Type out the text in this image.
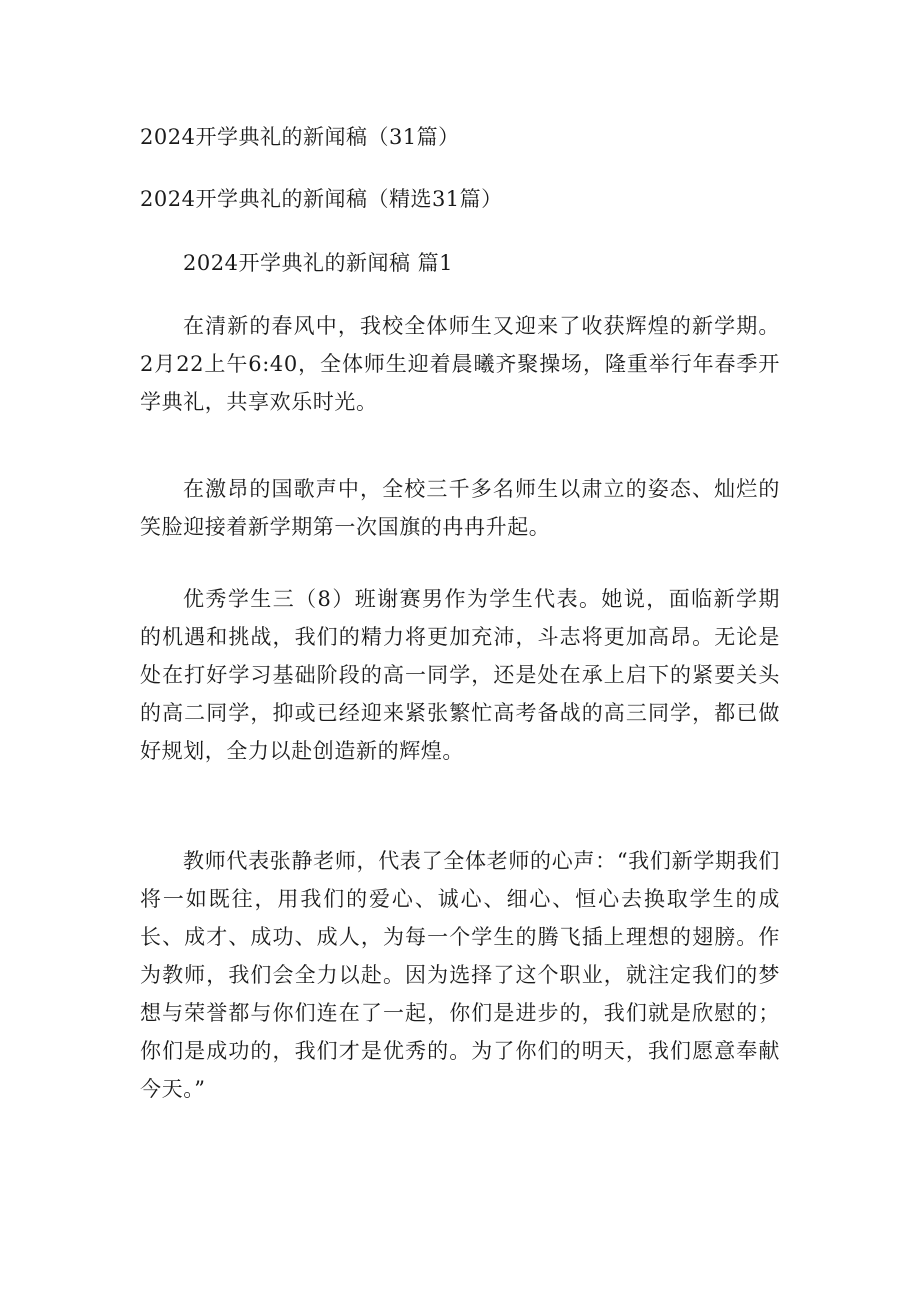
2024开学典礼的新闻稿（31篇）
2024开学典礼的新闻稿（精选31篇）
2024开学典礼的新闻稿 篇1

在清新的春风中，我校全体师生又迎来了收获辉煌的新学期。2月22上午6:40，全体师生迎着晨曦齐聚操场，隆重举行年春季开学典礼，共享欢乐时光。

在激昂的国歌声中，全校三千多名师生以肃立的姿态、灿烂的笑脸迎接着新学期第一次国旗的冉冉升起。

优秀学生三（8）班谢赛男作为学生代表。她说，面临新学期的机遇和挑战，我们的精力将更加充沛，斗志将更加高昂。无论是处在打好学习基础阶段的高一同学，还是处在承上启下的紧要关头的高二同学，抑或已经迎来紧张繁忙高考备战的高三同学，都已做好规划，全力以赴创造新的辉煌。

教师代表张静老师，代表了全体老师的心声：“我们新学期我们将一如既往，用我们的爱心、诚心、细心、恒心去换取学生的成长、成才、成功、成人，为每一个学生的腾飞插上理想的翅膀。作为教师，我们会全力以赴。因为选择了这个职业，就注定我们的梦想与荣誉都与你们连在了一起，你们是进步的，我们就是欣慰的；你们是成功的，我们才是优秀的。为了你们的明天，我们愿意奉献今天。”
